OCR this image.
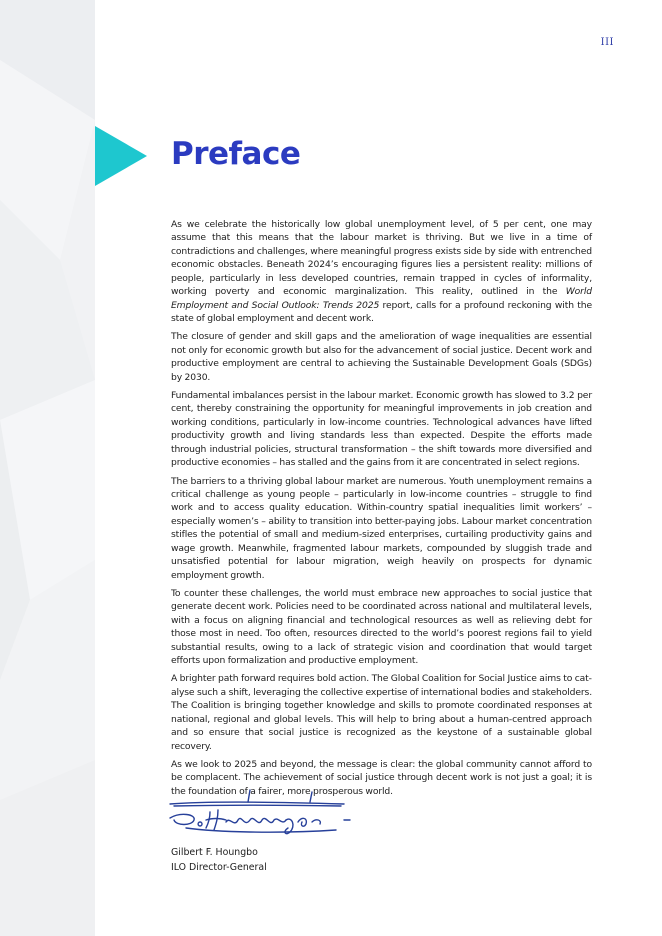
III
Preface

As we celebrate the historically low global unemployment level, of 5 per cent, one may assume that this means that the labour market is thriving. But we live in a time of contradictions and challenges, where meaningful progress exists side by side with entrenched economic obstacles. Beneath 2024’s encouraging figures lies a persistent reality: millions of people, particularly in less developed countries, remain trapped in cycles of informality, working poverty and economic marginalization. This reality, outlined in the World Employment and Social Outlook: Trends 2025 report, calls for a profound reckoning with the state of global employment and decent work.

The closure of gender and skill gaps and the amelioration of wage inequalities are essential not only for economic growth but also for the advancement of social justice. Decent work and productive employment are central to achieving the Sustainable Development Goals (SDGs) by 2030.

Fundamental imbalances persist in the labour market. Economic growth has slowed to 3.2 per cent, thereby constraining the opportunity for meaningful improvements in job creation and working conditions, particularly in low-income countries. Technological advances have lifted productivity growth and living standards less than expected. Despite the efforts made through industrial policies, structural transformation – the shift towards more diversified and productive economies – has stalled and the gains from it are concentrated in select regions.

The barriers to a thriving global labour market are numerous. Youth unemployment remains a critical challenge as young people – particularly in low-income countries – struggle to find work and to access quality education. Within-country spatial inequalities limit workers’ – especially women’s – ability to transition into better-paying jobs. Labour market concentration stifles the potential of small and medium-sized enterprises, curtailing productivity gains and wage growth. Meanwhile, fragmented labour markets, compounded by sluggish trade and unsatisfied potential for labour migration, weigh heavily on prospects for dynamic employment growth.

To counter these challenges, the world must embrace new approaches to social justice that generate decent work. Policies need to be coordinated across national and multilateral levels, with a focus on aligning financial and technological resources as well as relieving debt for those most in need. Too often, resources directed to the world’s poorest regions fail to yield substantial results, owing to a lack of strategic vision and coordination that would target efforts upon formalization and productive employment.

A brighter path forward requires bold action. The Global Coalition for Social Justice aims to catalyse such a shift, leveraging the collective expertise of international bodies and stakeholders. The Coalition is bringing together knowledge and skills to promote coordinated responses at national, regional and global levels. This will help to bring about a human-centred approach and so ensure that social justice is recognized as the keystone of a sustainable global recovery.

As we look to 2025 and beyond, the message is clear: the global community cannot afford to be complacent. The achievement of social justice through decent work is not just a goal; it is the foundation of a fairer, more prosperous world.

Gilbert F. Houngbo
ILO Director-General
